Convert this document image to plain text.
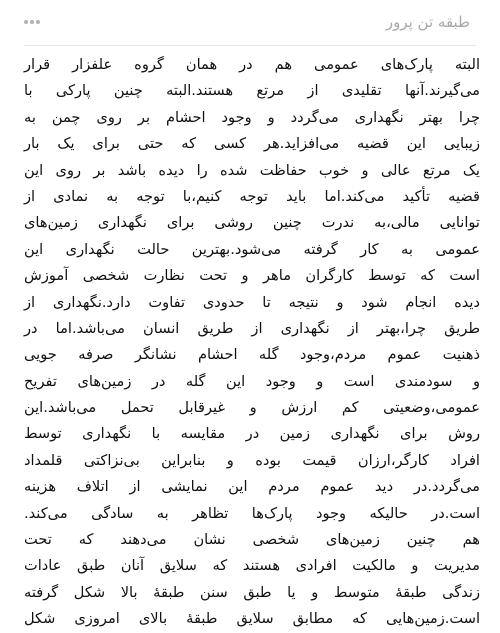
طبقه تن پرور
البته پارک‌های عمومی هم در همان گروه علفزار قرار
می‌گیرند.آنها تقلیدی از مرتع هستند.البته چنین پارکی با
چرا بهتر نگهداری می‌گردد و وجود احشام بر روی چمن به
زیبایی این قضیه می‌افزاید.هر کسی که حتی برای یک بار
یک مرتع عالی و خوب حفاظت شده را دیده باشد بر روی این
قضیه تأکید می‌کند.اما باید توجه کنیم،با توجه به نمادی از
توانایی مالی،به ندرت چنین روشی برای نگهداری زمین‌های
عمومی به کار گرفته می‌شود.بهترین حالت نگهداری این
است که توسط کارگران ماهر و تحت نظارت شخصی آموزش
دیده انجام شود و نتیجه تا حدودی تفاوت دارد.نگهداری از
طریق چرا،بهتر از نگهداری از طریق انسان می‌باشد.اما در
ذهنیت عموم مردم،وجود گله احشام نشانگر صرفه جویی
و سودمندی است و وجود این گله در زمین‌های تفریح
عمومی،وضعیتی کم ارزش و غیرقابل تحمل می‌باشد.این
روش برای نگهداری زمین در مقایسه با نگهداری توسط
افراد کارگر،ارزان قیمت بوده و بنابراین بی‌نزاکتی قلمداد
می‌گردد.در دید عموم مردم این نمایشی از اتلاف هزینه
است.در حالیکه وجود پارک‌ها تظاهر به سادگی می‌کند.
هم چنین زمین‌های شخصی نشان می‌دهند که تحت
مدیریت و مالکیت افرادی هستند که سلایق آنان طبق عادات
زندگی طبقهٔ متوسط و یا طبق سنن طبقهٔ بالا شکل گرفته
است.زمین‌هایی که مطابق سلایق طبقهٔ بالای امروزی شکل
